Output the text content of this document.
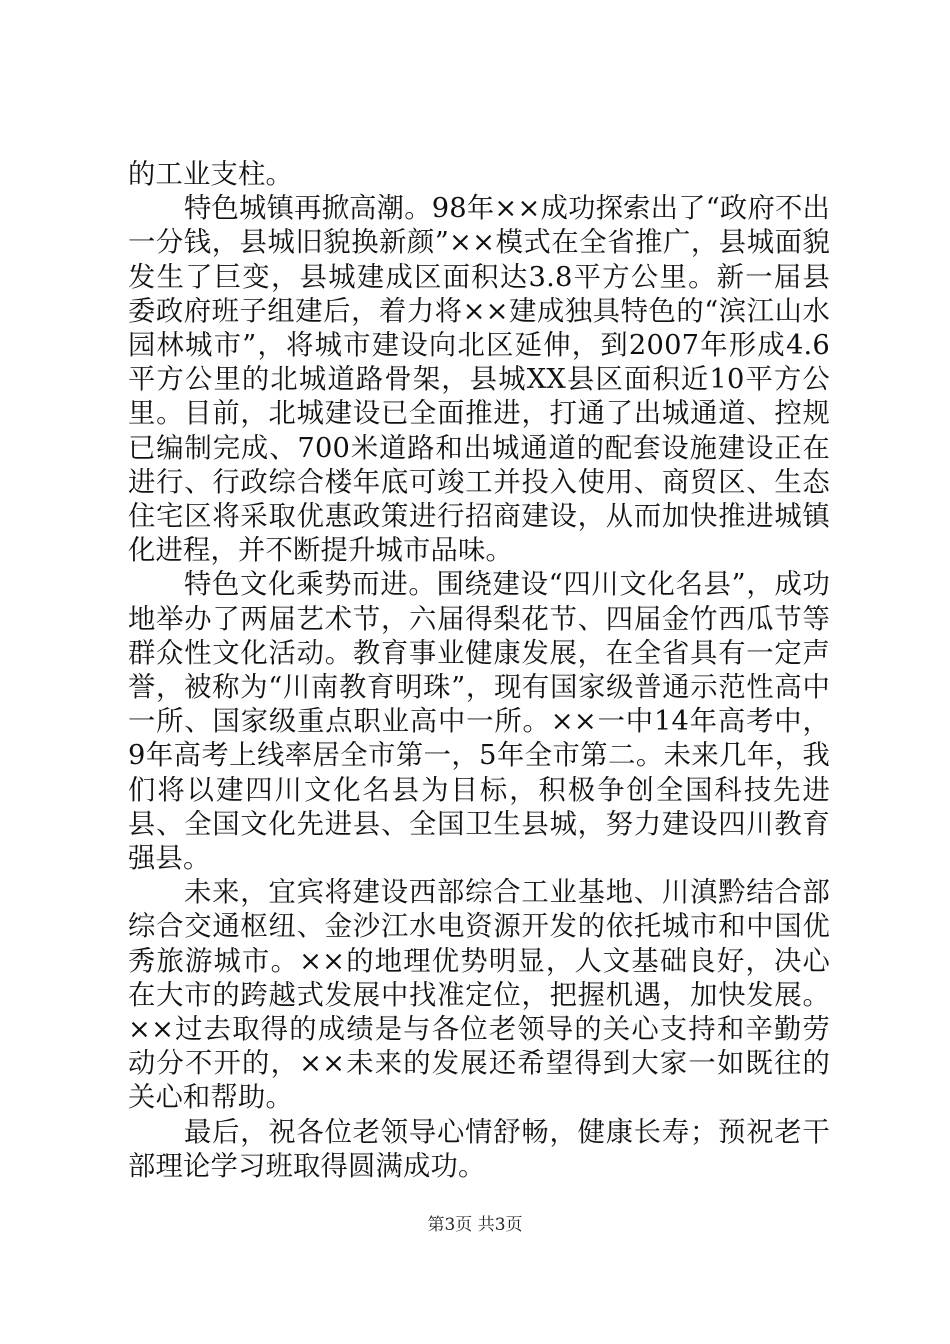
的工业支柱。

特色城镇再掀高潮。98年××成功探索出了“政府不出一分钱，县城旧貌换新颜”××模式在全省推广，县城面貌发生了巨变，县城建成区面积达3.8平方公里。新一届县委政府班子组建后，着力将××建成独具特色的“滨江山水园林城市”，将城市建设向北区延伸，到2007年形成4.6平方公里的北城道路骨架，县城XX县区面积近10平方公里。目前，北城建设已全面推进，打通了出城通道、控规已编制完成、700米道路和出城通道的配套设施建设正在进行、行政综合楼年底可竣工并投入使用、商贸区、生态住宅区将采取优惠政策进行招商建设，从而加快推进城镇化进程，并不断提升城市品味。

特色文化乘势而进。围绕建设“四川文化名县”，成功地举办了两届艺术节，六届得梨花节、四届金竹西瓜节等群众性文化活动。教育事业健康发展，在全省具有一定声誉，被称为“川南教育明珠”，现有国家级普通示范性高中一所、国家级重点职业高中一所。××一中14年高考中，9年高考上线率居全市第一，5年全市第二。未来几年，我们将以建四川文化名县为目标，积极争创全国科技先进县、全国文化先进县、全国卫生县城，努力建设四川教育强县。

未来，宜宾将建设西部综合工业基地、川滇黔结合部综合交通枢纽、金沙江水电资源开发的依托城市和中国优秀旅游城市。××的地理优势明显，人文基础良好，决心在大市的跨越式发展中找准定位，把握机遇，加快发展。××过去取得的成绩是与各位老领导的关心支持和辛勤劳动分不开的，××未来的发展还希望得到大家一如既往的关心和帮助。

最后，祝各位老领导心情舒畅，健康长寿；预祝老干部理论学习班取得圆满成功。

第3页 共3页
